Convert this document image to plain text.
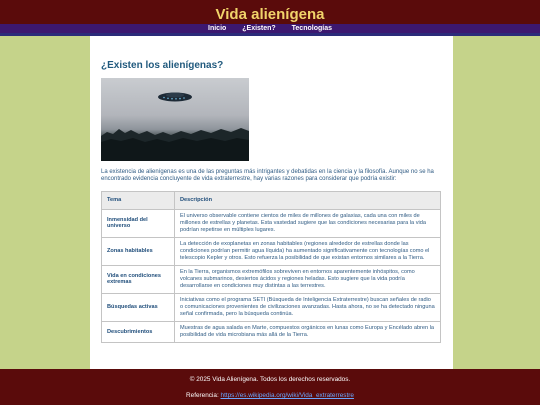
Vida alienígena
Inicio ¿Existen? Tecnologías
¿Existen los alienígenas?

La existencia de alienígenas es una de las preguntas más intrigantes y debatidas en la ciencia y la filosofía. Aunque no se ha encontrado evidencia concluyente de vida extraterrestre, hay varias razones para considerar que podría existir:

Tema	Descripción
Inmensidad del universo	El universo observable contiene cientos de miles de millones de galaxias, cada una con miles de millones de estrellas y planetas. Esta vastedad sugiere que las condiciones necesarias para la vida podrían repetirse en múltiples lugares.
Zonas habitables	La detección de exoplanetas en zonas habitables (regiones alrededor de estrellas donde las condiciones podrían permitir agua líquida) ha aumentado significativamente con tecnologías como el telescopio Kepler y otros. Esto refuerza la posibilidad de que existan entornos similares a la Tierra.
Vida en condiciones extremas	En la Tierra, organismos extremófilos sobreviven en entornos aparentemente inhóspitos, como volcanes submarinos, desiertos ácidos y regiones heladas. Esto sugiere que la vida podría desarrollarse en condiciones muy distintas a las terrestres.
Búsquedas activas	Iniciativas como el programa SETI (Búsqueda de Inteligencia Extraterrestre) buscan señales de radio o comunicaciones provenientes de civilizaciones avanzadas. Hasta ahora, no se ha detectado ninguna señal confirmada, pero la búsqueda continúa.
Descubrimientos	Muestras de agua salada en Marte, compuestos orgánicos en lunas como Europa y Encélado abren la posibilidad de vida microbiana más allá de la Tierra.
© 2025 Vida Alienígena. Todos los derechos reservados.
Referencia: https://es.wikipedia.org/wiki/Vida_extraterrestre
